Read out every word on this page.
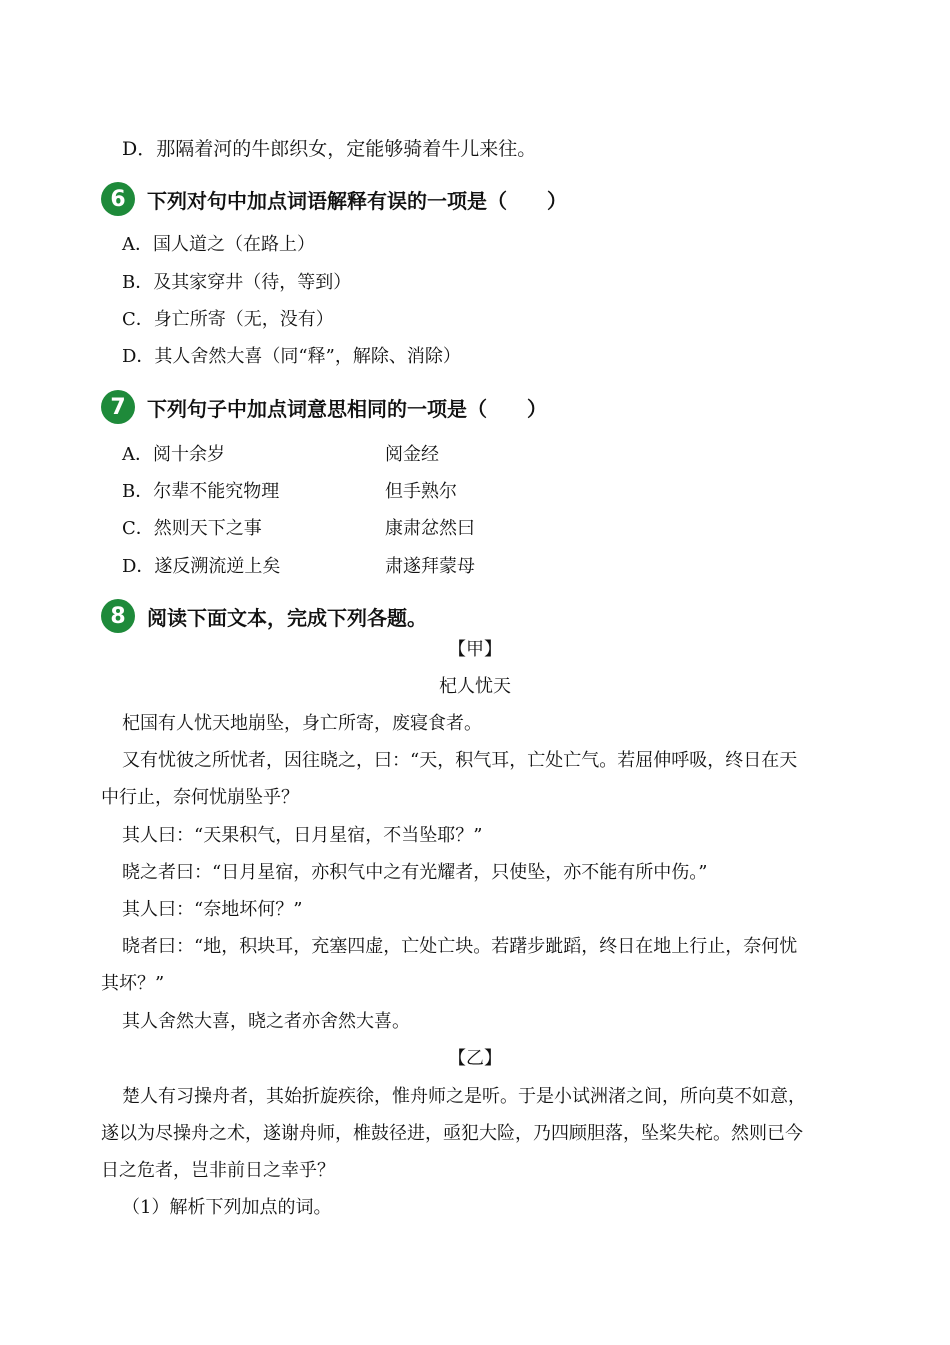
D．那隔着河的牛郎织女，定能够骑着牛儿来往。
6	下列对句中加点词语解释有误的一项是（　　）
A．国人道之（在路上）
B．及其家穿井（待，等到）
C．身亡所寄（无，没有）
D．其人舍然大喜（同“释”，解除、消除）
7	下列句子中加点词意思相同的一项是（　　）
A．阅十余岁	阅金经
B．尔辈不能究物理	但手熟尔
C．然则天下之事	康肃忿然曰
D．遂反溯流逆上矣	肃遂拜蒙母
8	阅读下面文本，完成下列各题。
【甲】
杞人忧天
杞国有人忧天地崩坠，身亡所寄，废寝食者。
又有忧彼之所忧者，因往晓之，曰：“天，积气耳，亡处亡气。若屈伸呼吸，终日在天
中行止，奈何忧崩坠乎？
其人曰：“天果积气，日月星宿，不当坠耶？”
晓之者曰：“日月星宿，亦积气中之有光耀者，只使坠，亦不能有所中伤。”
其人曰：“奈地坏何？”
晓者曰：“地，积块耳，充塞四虚，亡处亡块。若躇步跐蹈，终日在地上行止，奈何忧
其坏？”
其人舍然大喜，晓之者亦舍然大喜。
【乙】
楚人有习操舟者，其始折旋疾徐，惟舟师之是听。于是小试洲渚之间，所向莫不如意，
遂以为尽操舟之术，遂谢舟师，椎鼓径进，亟犯大险，乃四顾胆落，坠桨失柁。然则已今
日之危者，岂非前日之幸乎？
（1）解析下列加点的词。
